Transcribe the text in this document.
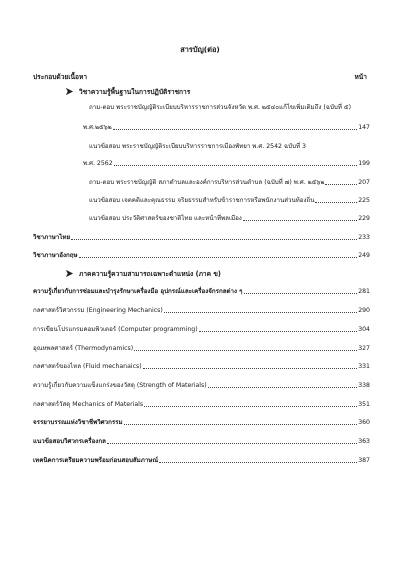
สารบัญ(ต่อ)
ประกอบด้วยเนื้อหา	หน้า
วิชาความรู้พื้นฐานในการปฏิบัติราชการ
ถาม-ตอบ พระราชบัญญัติระเบียบบริหารราชการส่วนจังหวัด พ.ศ. ๒๕๔๐แก้ไขเพิ่มเติมถึง (ฉบับที่ ๕)
พ.ศ.๒๕๖๒	147
แนวข้อสอบ พระราชบัญญัติระเบียบบริหารราชการเมืองพัทยา พ.ศ. 2542 ฉบับที่ 3
พ.ศ. 2562	199
ถาม-ตอบ พระราชบัญญัติ สภาตำบลและองค์การบริหารส่วนตำบล (ฉบับที่ ๗) พ.ศ. ๒๕๖๒	207
แนวข้อสอบ เจตคติและคุณธรรม จริยธรรมสำหรับข้าราชการหรือพนักงานส่วนท้องถิ่น	225
แนวข้อสอบ ประวัติศาสตร์ของชาติไทย และหน้าที่พลเมือง	229
วิชาภาษาไทย	233
วิชาภาษาอังกฤษ	249
ภาคความรู้ความสามารถเฉพาะตำแหน่ง (ภาค ข)
ความรู้เกี่ยวกับการซ่อมและบำรุงรักษาเครื่องมือ อุปกรณ์และเครื่องจักรกลต่าง ๆ	281
กลศาสตร์วิศวกรรม (Engineering Mechanics)	290
การเขียนโปรแกรมคอมพิวเตอร์ (Computer programming)	304
อุณหพลศาสตร์ (Thermodynamics)	327
กลศาสตร์ของไหล (Fluid mechanaics)	331
ความรู้เกี่ยวกับความแข็งแกร่งของวัสดุ (Strength of Materials)	338
กลศาสตร์วัสดุ Mechanics of Materials	351
จรรยาบรรณแห่งวิชาชีพวิศวกรรม	360
แนวข้อสอบวิศวกรเครื่องกล	363
เทคนิคการเตรียมความพร้อมก่อนสอบสัมภาษณ์	387
